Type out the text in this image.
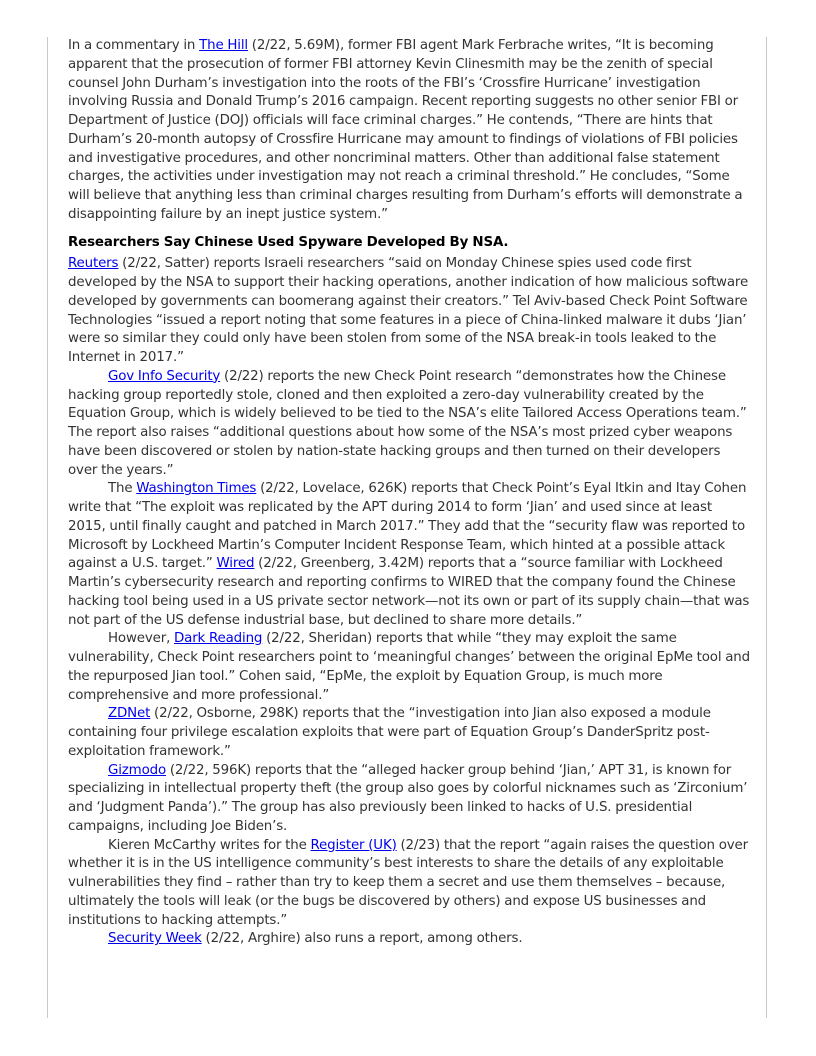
In a commentary in The Hill (2/22, 5.69M), former FBI agent Mark Ferbrache writes, “It is becoming apparent that the prosecution of former FBI attorney Kevin Clinesmith may be the zenith of special counsel John Durham’s investigation into the roots of the FBI’s ‘Crossfire Hurricane’ investigation involving Russia and Donald Trump’s 2016 campaign. Recent reporting suggests no other senior FBI or Department of Justice (DOJ) officials will face criminal charges.” He contends, “There are hints that Durham’s 20-month autopsy of Crossfire Hurricane may amount to findings of violations of FBI policies and investigative procedures, and other noncriminal matters. Other than additional false statement charges, the activities under investigation may not reach a criminal threshold.” He concludes, “Some will believe that anything less than criminal charges resulting from Durham’s efforts will demonstrate a disappointing failure by an inept justice system.”

Researchers Say Chinese Used Spyware Developed By NSA.

Reuters (2/22, Satter) reports Israeli researchers “said on Monday Chinese spies used code first developed by the NSA to support their hacking operations, another indication of how malicious software developed by governments can boomerang against their creators.” Tel Aviv-based Check Point Software Technologies “issued a report noting that some features in a piece of China-linked malware it dubs ‘Jian’ were so similar they could only have been stolen from some of the NSA break-in tools leaked to the Internet in 2017.”

Gov Info Security (2/22) reports the new Check Point research “demonstrates how the Chinese hacking group reportedly stole, cloned and then exploited a zero-day vulnerability created by the Equation Group, which is widely believed to be tied to the NSA’s elite Tailored Access Operations team.” The report also raises “additional questions about how some of the NSA’s most prized cyber weapons have been discovered or stolen by nation-state hacking groups and then turned on their developers over the years.”

The Washington Times (2/22, Lovelace, 626K) reports that Check Point’s Eyal Itkin and Itay Cohen write that “The exploit was replicated by the APT during 2014 to form ‘Jian’ and used since at least 2015, until finally caught and patched in March 2017.” They add that the “security flaw was reported to Microsoft by Lockheed Martin’s Computer Incident Response Team, which hinted at a possible attack against a U.S. target.” Wired (2/22, Greenberg, 3.42M) reports that a “source familiar with Lockheed Martin’s cybersecurity research and reporting confirms to WIRED that the company found the Chinese hacking tool being used in a US private sector network—not its own or part of its supply chain—that was not part of the US defense industrial base, but declined to share more details.”

However, Dark Reading (2/22, Sheridan) reports that while “they may exploit the same vulnerability, Check Point researchers point to ‘meaningful changes’ between the original EpMe tool and the repurposed Jian tool.” Cohen said, “EpMe, the exploit by Equation Group, is much more comprehensive and more professional.”

ZDNet (2/22, Osborne, 298K) reports that the “investigation into Jian also exposed a module containing four privilege escalation exploits that were part of Equation Group’s DanderSpritz post-exploitation framework.”

Gizmodo (2/22, 596K) reports that the “alleged hacker group behind ‘Jian,’ APT 31, is known for specializing in intellectual property theft (the group also goes by colorful nicknames such as ‘Zirconium’ and ‘Judgment Panda’).” The group has also previously been linked to hacks of U.S. presidential campaigns, including Joe Biden’s.

Kieren McCarthy writes for the Register (UK) (2/23) that the report “again raises the question over whether it is in the US intelligence community’s best interests to share the details of any exploitable vulnerabilities they find – rather than try to keep them a secret and use them themselves – because, ultimately the tools will leak (or the bugs be discovered by others) and expose US businesses and institutions to hacking attempts.”

Security Week (2/22, Arghire) also runs a report, among others.
